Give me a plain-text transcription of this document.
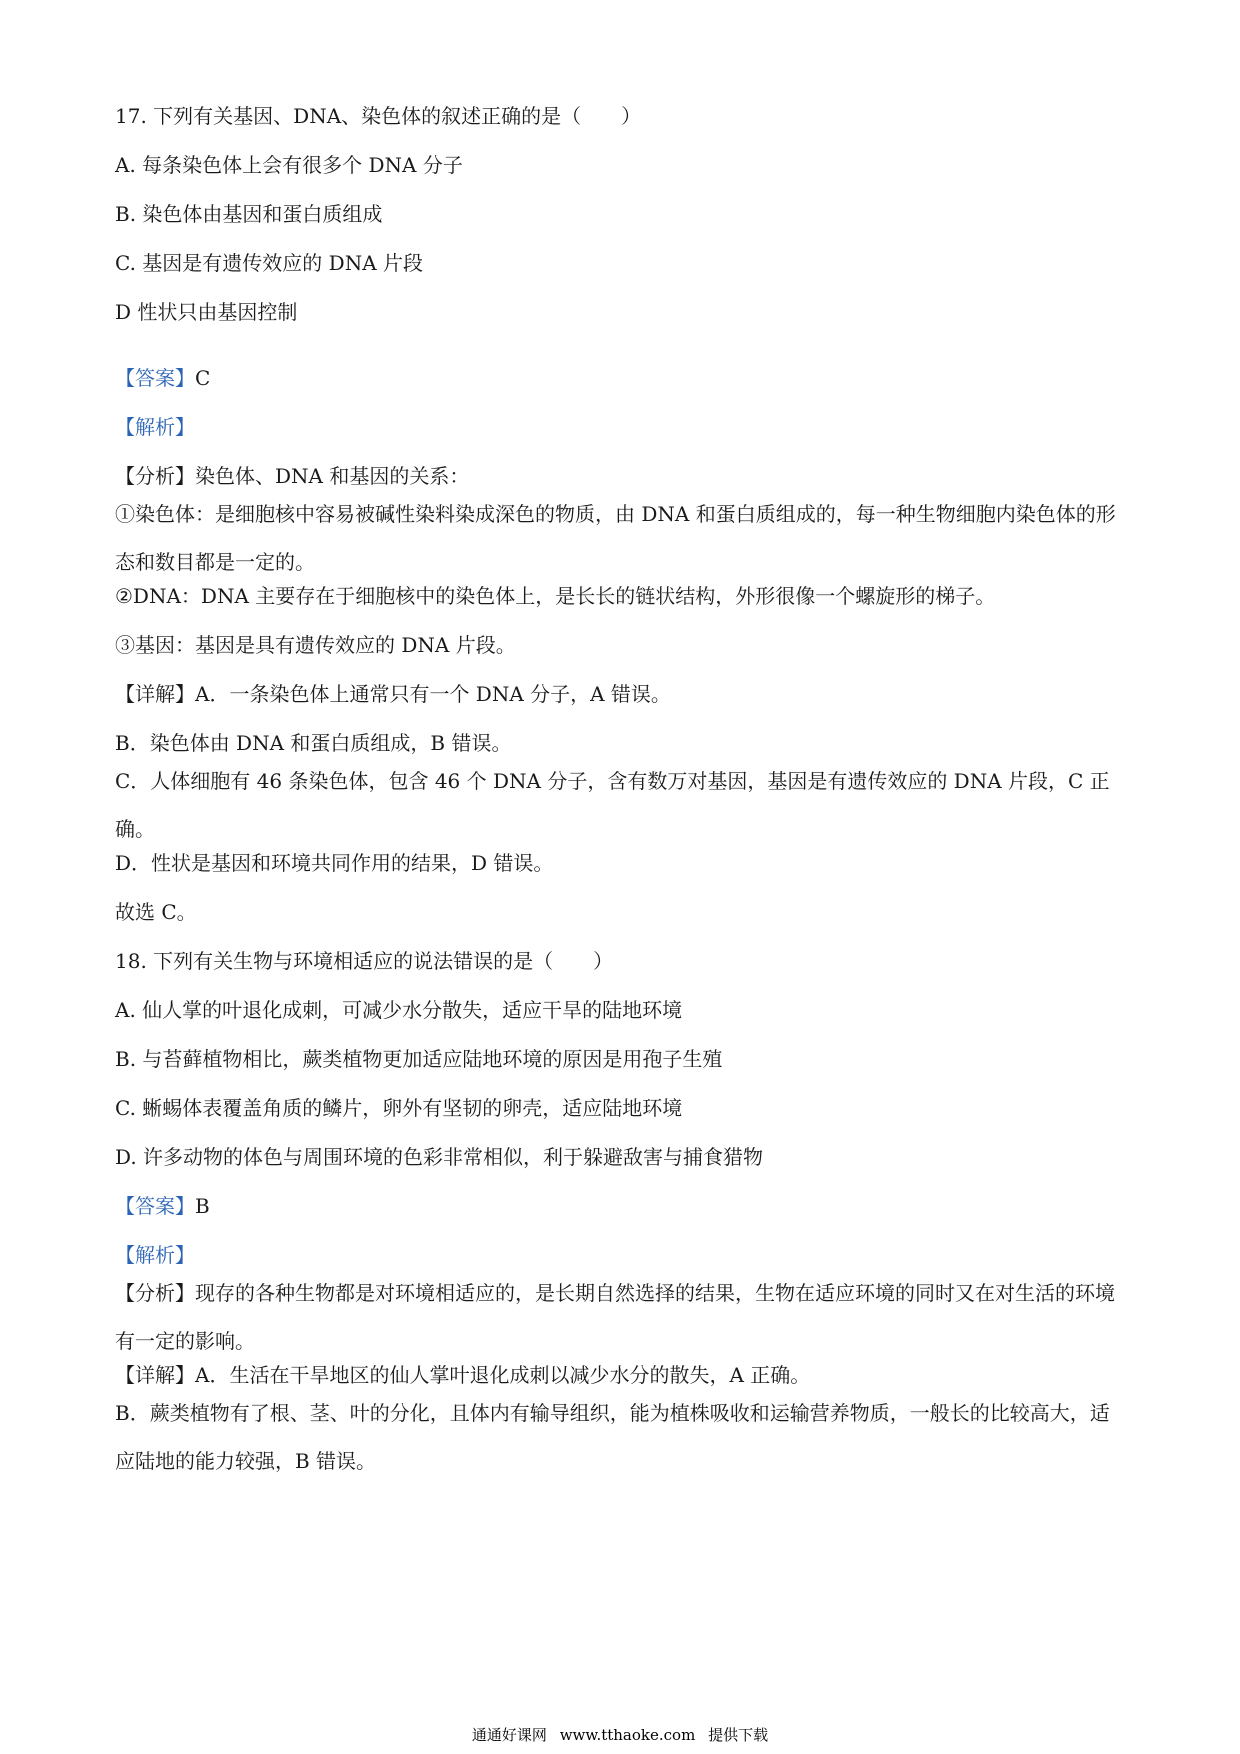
17. 下列有关基因、DNA、染色体的叙述正确的是（　　）

A. 每条染色体上会有很多个 DNA 分子

B. 染色体由基因和蛋白质组成

C. 基因是有遗传效应的 DNA 片段

D 性状只由基因控制

【答案】C

【解析】

【分析】染色体、DNA 和基因的关系：

①染色体：是细胞核中容易被碱性染料染成深色的物质，由 DNA 和蛋白质组成的，每一种生物细胞内染色体的形态和数目都是一定的。

②DNA：DNA 主要存在于细胞核中的染色体上，是长长的链状结构，外形很像一个螺旋形的梯子。

③基因：基因是具有遗传效应的 DNA 片段。

【详解】A．一条染色体上通常只有一个 DNA 分子，A 错误。

B．染色体由 DNA 和蛋白质组成，B 错误。

C．人体细胞有 46 条染色体，包含 46 个 DNA 分子，含有数万对基因，基因是有遗传效应的 DNA 片段，C 正确。

D．性状是基因和环境共同作用的结果，D 错误。

故选 C。

18. 下列有关生物与环境相适应的说法错误的是（　　）

A. 仙人掌的叶退化成刺，可减少水分散失，适应干旱的陆地环境

B. 与苔藓植物相比，蕨类植物更加适应陆地环境的原因是用孢子生殖

C. 蜥蜴体表覆盖角质的鳞片，卵外有坚韧的卵壳，适应陆地环境

D. 许多动物的体色与周围环境的色彩非常相似，利于躲避敌害与捕食猎物

【答案】B

【解析】

【分析】现存的各种生物都是对环境相适应的，是长期自然选择的结果，生物在适应环境的同时又在对生活的环境有一定的影响。

【详解】A．生活在干旱地区的仙人掌叶退化成刺以减少水分的散失，A 正确。

B．蕨类植物有了根、茎、叶的分化，且体内有输导组织，能为植株吸收和运输营养物质，一般长的比较高大，适应陆地的能力较强，B 错误。

通通好课网 www.tthaoke.com 提供下载
